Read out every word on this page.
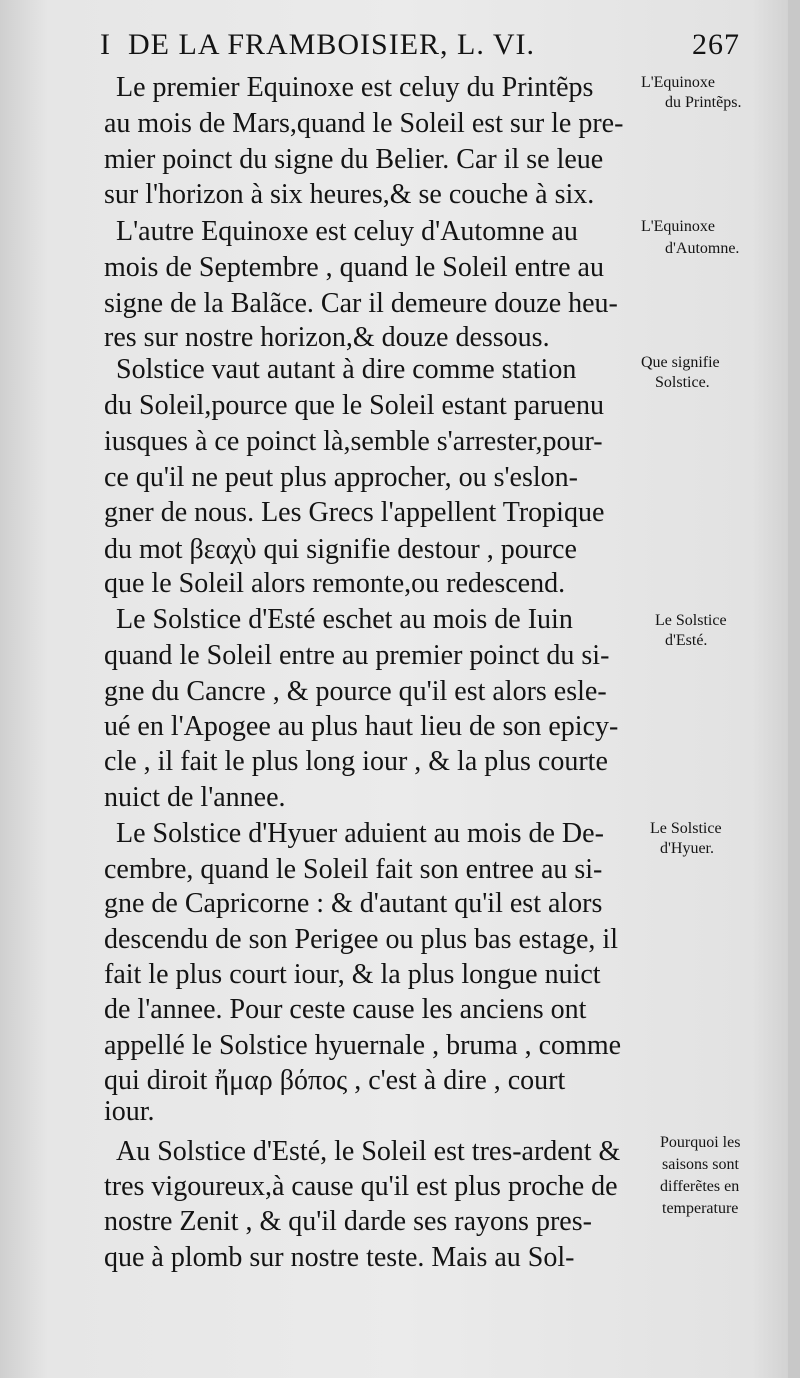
I DE LA FRAMBOISIER, L. VI.	267
Le premier Equinoxe est celuy du Printẽps
au mois de Mars,quand le Soleil est sur le pre-
mier poinct du signe du Belier. Car il se leue
sur l'horizon à six heures,& se couche à six.
L'autre Equinoxe est celuy d'Automne au
mois de Septembre , quand le Soleil entre au
signe de la Balãce. Car il demeure douze heu-
res sur nostre horizon,& douze dessous.
Solstice vaut autant à dire comme station
du Soleil,pource que le Soleil estant paruenu
iusques à ce poinct là,semble s'arrester,pour-
ce qu'il ne peut plus approcher, ou s'eslon-
gner de nous. Les Grecs l'appellent Tropique
du mot βεαχὺ qui signifie destour , pource
que le Soleil alors remonte,ou redescend.
Le Solstice d'Esté eschet au mois de Iuin
quand le Soleil entre au premier poinct du si-
gne du Cancre , & pource qu'il est alors esle-
ué en l'Apogee au plus haut lieu de son epicy-
cle , il fait le plus long iour , & la plus courte
nuict de l'annee.
Le Solstice d'Hyuer aduient au mois de De-
cembre, quand le Soleil fait son entree au si-
gne de Capricorne : & d'autant qu'il est alors
descendu de son Perigee ou plus bas estage, il
fait le plus court iour, & la plus longue nuict
de l'annee. Pour ceste cause les anciens ont
appellé le Solstice hyuernale , bruma , comme
qui diroit ἤμαρ βόπος , c'est à dire , court
iour.
Au Solstice d'Esté, le Soleil est tres-ardent &
tres vigoureux,à cause qu'il est plus proche de
nostre Zenit , & qu'il darde ses rayons pres-
que à plomb sur nostre teste. Mais au Sol-
L'Equinoxe
du Printẽps.
L'Equinoxe
d'Automne.
Que signifie
Solstice.
Le Solstice
d'Esté.
Le Solstice
d'Hyuer.
Pourquoi les
saisons sont
differẽtes en
temperature
